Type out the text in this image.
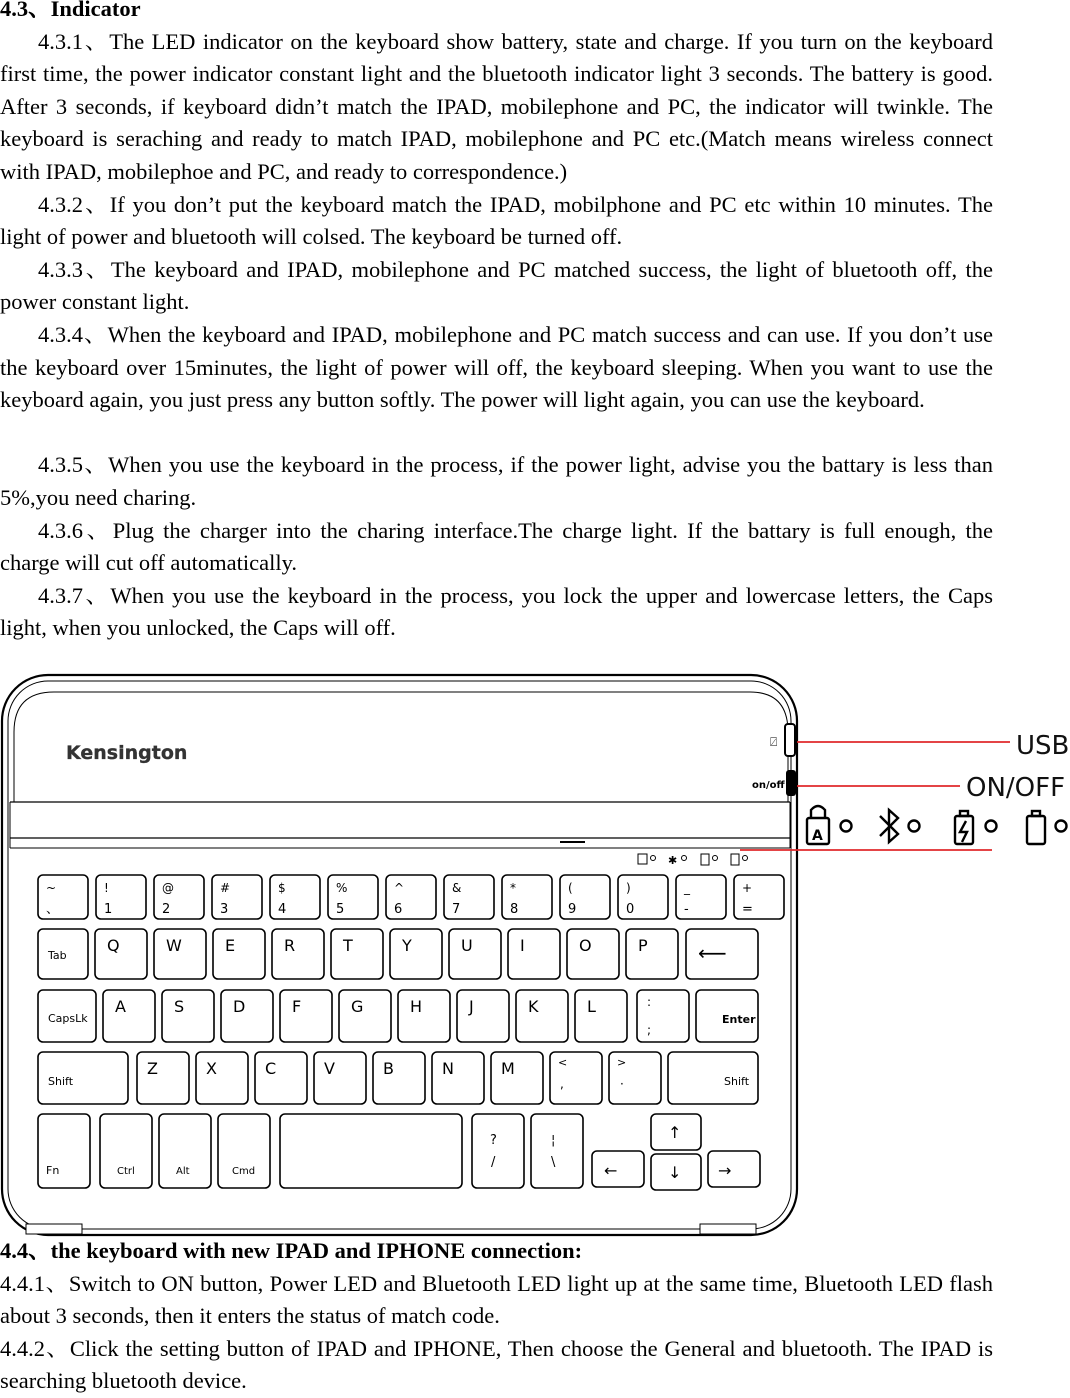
4.3、Indicator

4.3.1、The LED indicator on the keyboard show battery, state and charge. If you turn on the keyboard first time, the power indicator constant light and the bluetooth indicator light 3 seconds. The battery is good. After 3 seconds, if keyboard didn’t match the IPAD, mobilephone and PC, the indicator will twinkle. The keyboard is seraching and ready to match IPAD, mobilephone and PC etc.(Match means wireless connect with IPAD, mobilephoe and PC, and ready to correspondence.)

4.3.2、If you don’t put the keyboard match the IPAD, mobilphone and PC etc within 10 minutes. The light of power and bluetooth will colsed. The keyboard be turned off.

4.3.3、The keyboard and IPAD, mobilephone and PC matched success, the light of bluetooth off, the power constant light.

4.3.4、When the keyboard and IPAD, mobilephone and PC match success and can use. If you don’t use the keyboard over 15minutes, the light of power will off, the keyboard sleeping. When you want to use the keyboard again, you just press any button softly. The power will light again, you can use the keyboard.

4.3.5、When you use the keyboard in the process, if the power light, advise you the battary is less than 5%,you need charing.

4.3.6、Plug the charger into the charing interface.The charge light. If the battary is full enough, the charge will cut off automatically.

4.3.7、When you use the keyboard in the process, you lock the upper and lowercase letters, the Caps light, when you unlocked, the Caps will off.

⍁
Kensington
on/off
✱
USB
ON/OFF
A
~
、
!
1
@
2
#
3
$
4
%
5
^
6
&
7
*
8
(
9
)
0
_
-
+
=
Tab
Q	W	E	R	T	Y	U	I	O	P	⟵
CapsLk
A	S	D	F	G	H	J	K	L	:
;
Enter
Shift
Z	X	C	V	B	N	M	<
,
>
·	Shift
Fn	Ctrl	Alt	Cmd
?
/
¦
\	←
↑
↓ →
4.4、the keyboard with new IPAD and IPHONE connection:

4.4.1、Switch to ON button, Power LED and Bluetooth LED light up at the same time, Bluetooth LED flash about 3 seconds, then it enters the status of match code.

4.4.2、Click the setting button of IPAD and IPHONE, Then choose the General and bluetooth. The IPAD is searching bluetooth device.
